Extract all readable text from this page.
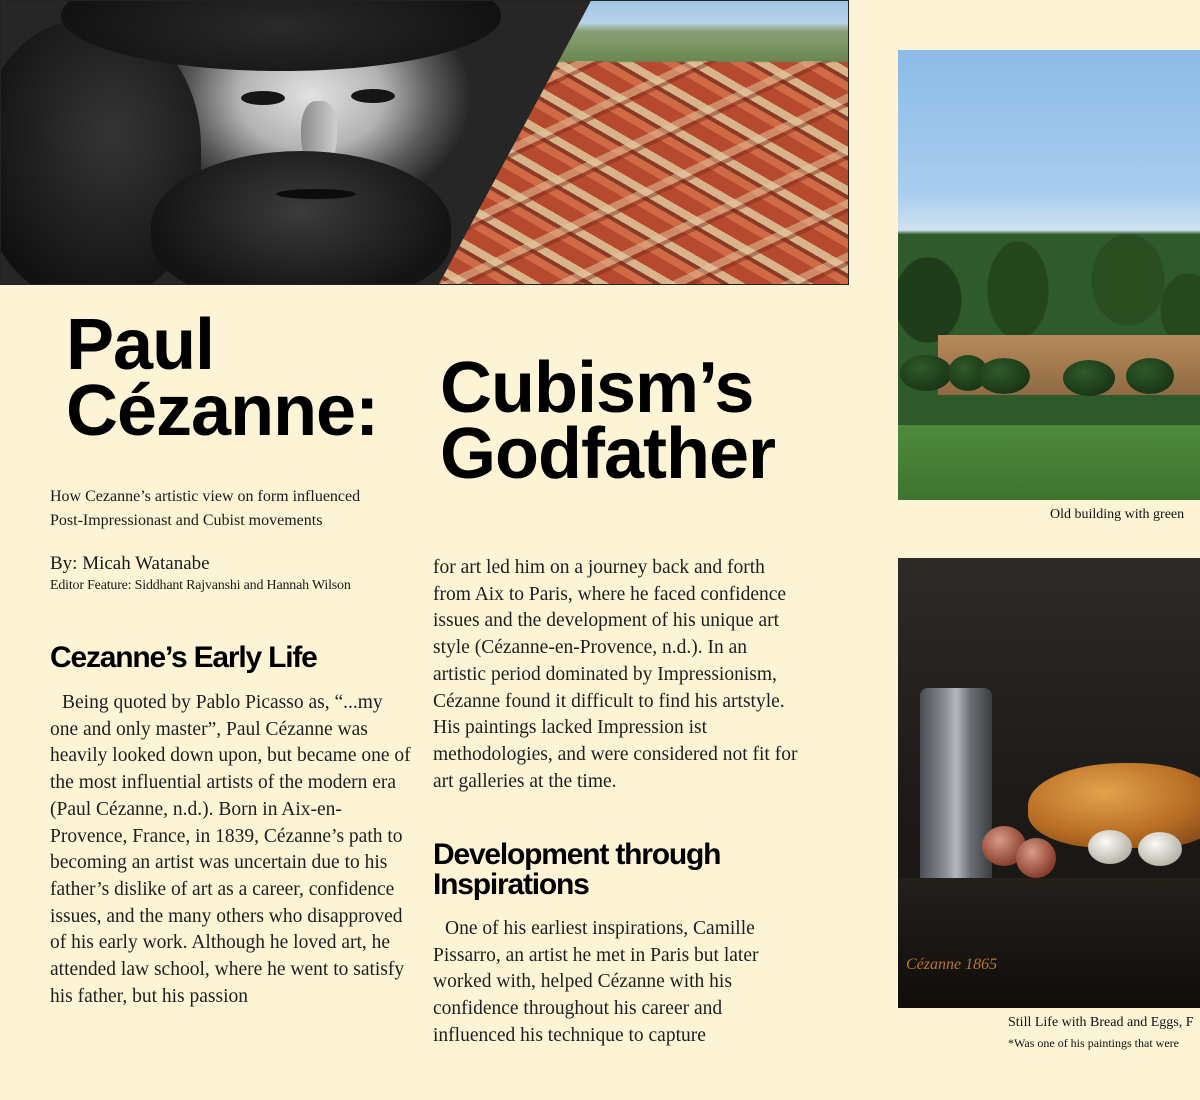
Paul
Cézanne: Cubism’s
Godfather
How Cezanne’s artistic view on form influenced
Post-Impressionast and Cubist movements
By: Micah Watanabe
Editor Feature: Siddhant Rajvanshi and Hannah Wilson
Cezanne’s Early Life

Being quoted by Pablo Picasso as, “...my one and only master”, Paul Cézanne was heavily looked down upon, but became one of the most influential artists of the modern era (Paul Cézanne, n.d.). Born in Aix-en-Provence, France, in 1839, Cézanne’s path to becoming an artist was uncertain due to his father’s dislike of art as a career, confidence issues, and the many others who disapproved of his early work. Although he loved art, he attended law school, where he went to satisfy his father, but his passion

for art led him on a journey back and forth from Aix to Paris, where he faced confidence issues and the development of his unique art style (Cézanne-en-Provence, n.d.). In an artistic period dominated by Impressionism, Cézanne found it difficult to find his artstyle. His paintings lacked Impression ist methodologies, and were considered not fit for art galleries at the time.

Development through Inspirations

One of his earliest inspirations, Camille Pissarro, an artist he met in Paris but later worked with, helped Cézanne with his confidence throughout his career and influenced his technique to capture

Old building with green
Cézanne 1865
Still Life with Bread and Eggs, F
*Was one of his paintings that were
